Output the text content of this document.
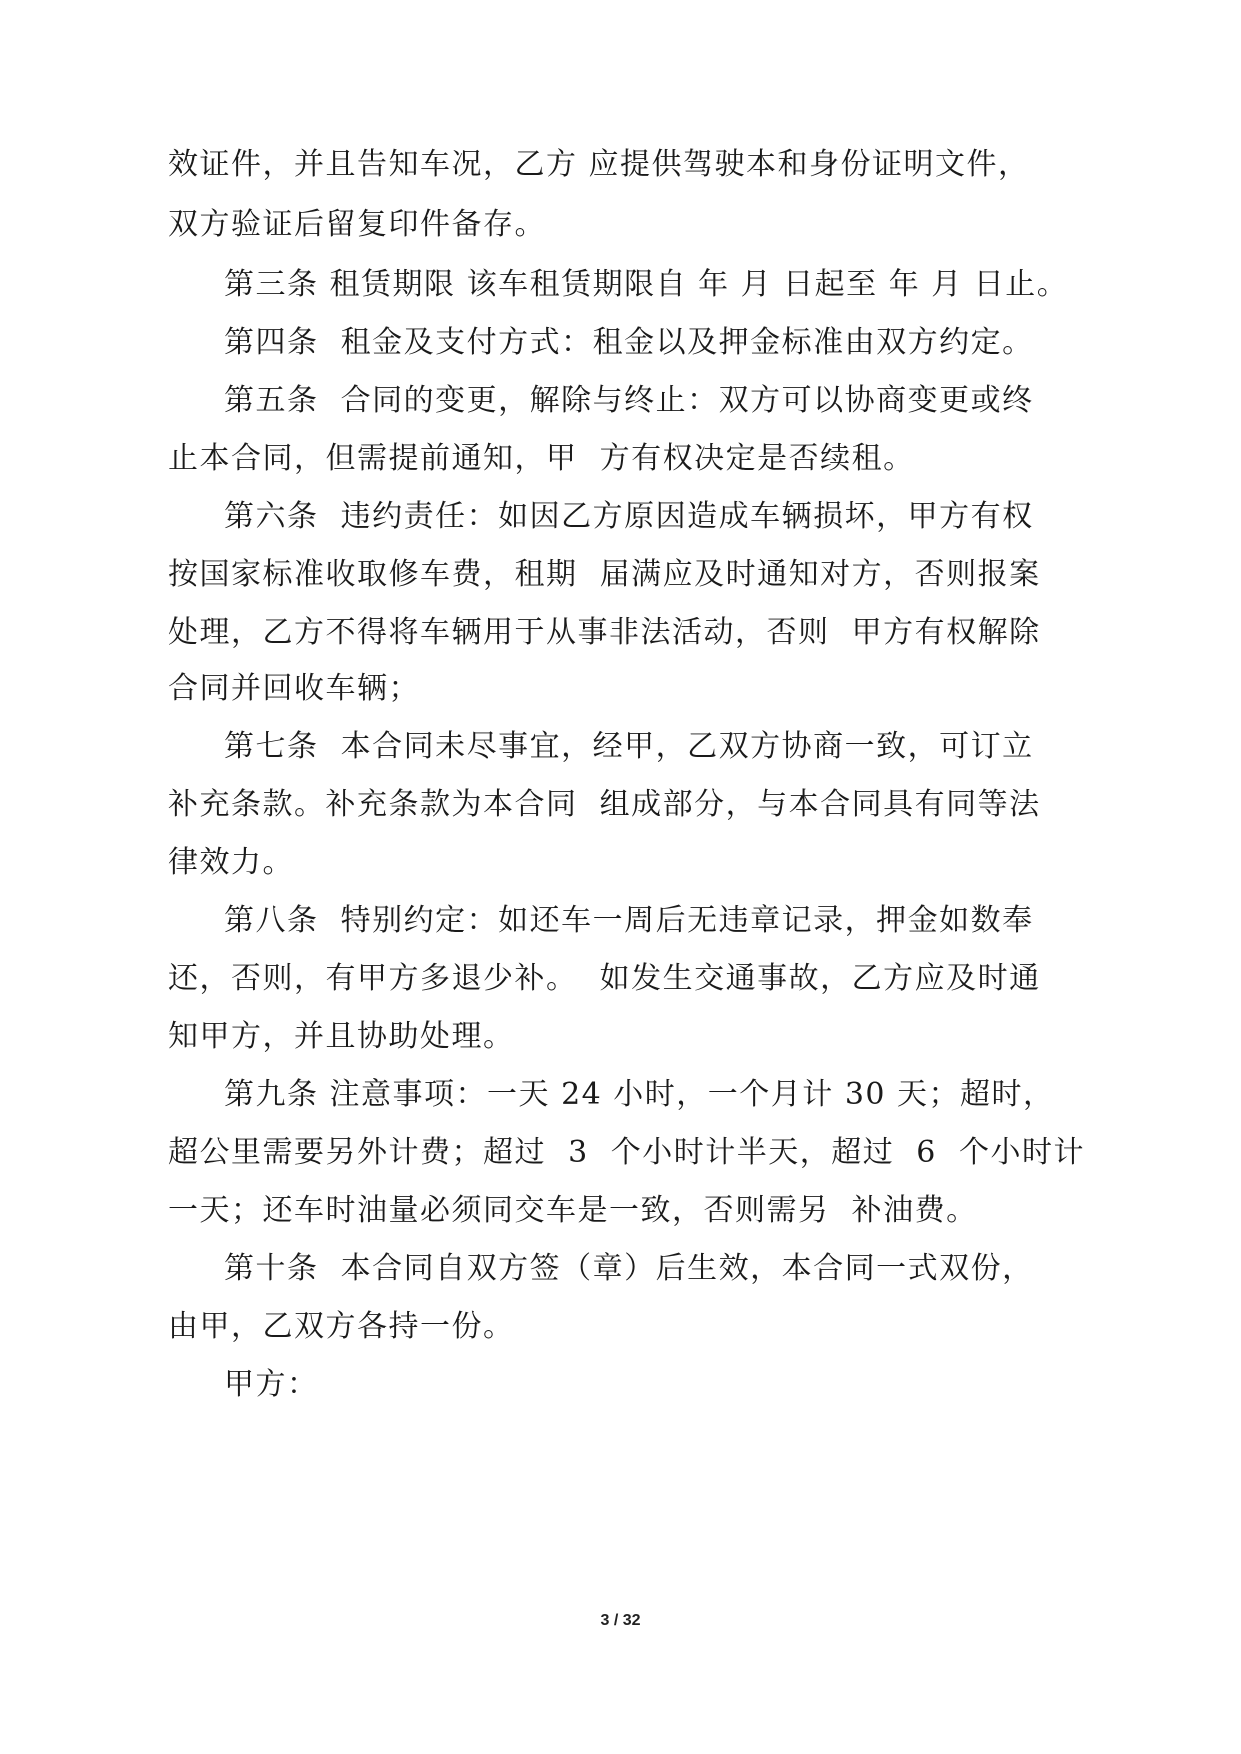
效证件，并且告知车况，乙方 应提供驾驶本和身份证明文件，
双方验证后留复印件备存。
第三条 租赁期限 该车租赁期限自 年 月 日起至 年 月 日止。
第四条  租金及支付方式：租金以及押金标准由双方约定。
第五条  合同的变更，解除与终止：双方可以协商变更或终
止本合同，但需提前通知，甲  方有权决定是否续租。
第六条  违约责任：如因乙方原因造成车辆损坏，甲方有权
按国家标准收取修车费，租期  届满应及时通知对方，否则报案
处理，乙方不得将车辆用于从事非法活动，否则  甲方有权解除
合同并回收车辆；
第七条  本合同未尽事宜，经甲，乙双方协商一致，可订立
补充条款。补充条款为本合同  组成部分，与本合同具有同等法
律效力。
第八条  特别约定：如还车一周后无违章记录，押金如数奉
还，否则，有甲方多退少补。  如发生交通事故，乙方应及时通
知甲方，并且协助处理。
第九条 注意事项：一天 24 小时，一个月计 30 天；超时，
超公里需要另外计费；超过  3  个小时计半天，超过  6  个小时计
一天；还车时油量必须同交车是一致，否则需另  补油费。
第十条  本合同自双方签（章）后生效，本合同一式双份，
由甲，乙双方各持一份。
甲方：
3 / 32
